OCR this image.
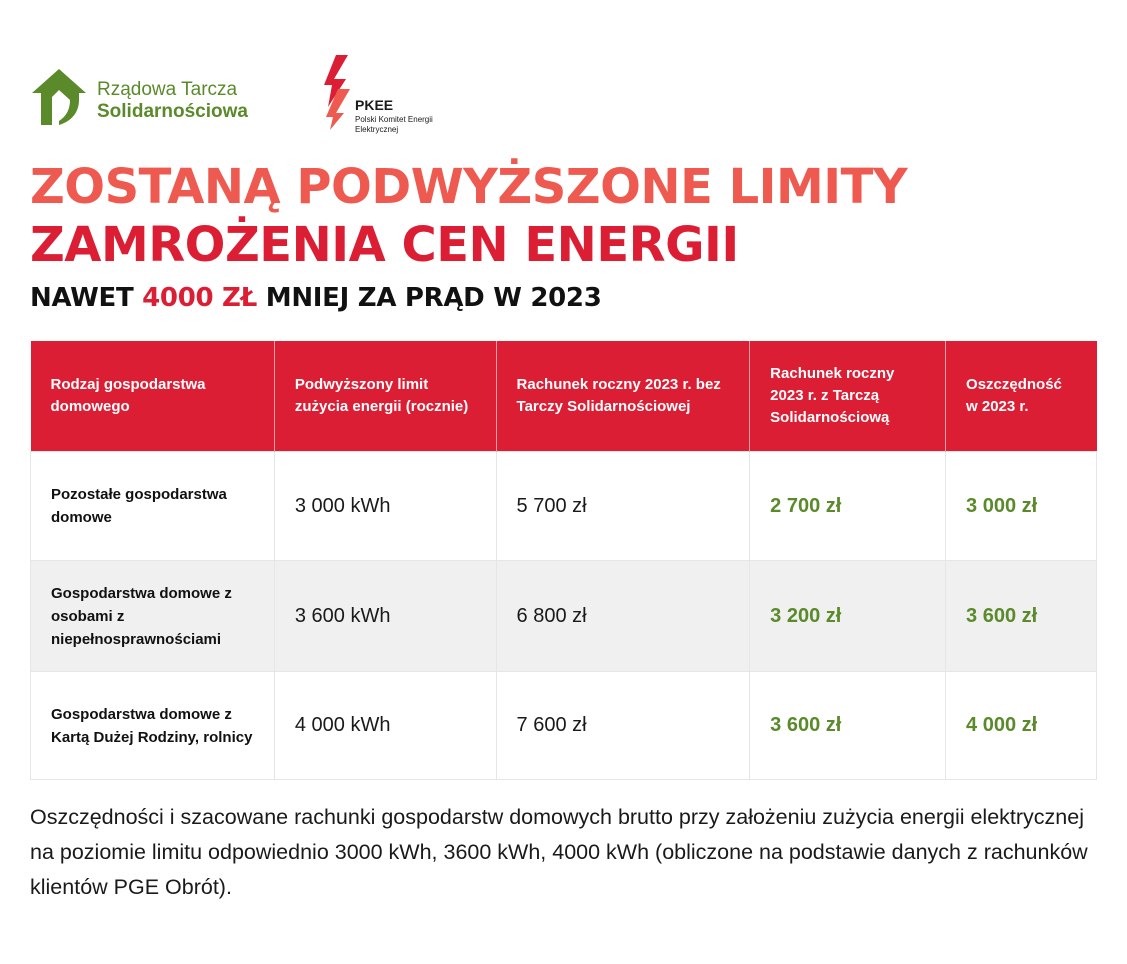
Rządowa Tarcza
Solidarnościowa	PKEE
Polski Komitet Energii Elektrycznej
ZOSTANĄ PODWYŻSZONE LIMITY
ZAMROŻENIA CEN ENERGII
NAWET 4000 ZŁ MNIEJ ZA PRĄD W 2023
Rodzaj gospodarstwa domowego	Podwyższony limit zużycia energii (rocznie)	Rachunek roczny 2023 r. bez Tarczy Solidarnościowej	Rachunek roczny 2023 r. z Tarczą Solidarnościową	Oszczędność w 2023 r.
Pozostałe gospodarstwa domowe	3 000 kWh	5 700 zł	2 700 zł	3 000 zł
Gospodarstwa domowe z osobami z niepełnosprawnościami	3 600 kWh	6 800 zł	3 200 zł	3 600 zł
Gospodarstwa domowe z Kartą Dużej Rodziny, rolnicy	4 000 kWh	7 600 zł	3 600 zł	4 000 zł

Oszczędności i szacowane rachunki gospodarstw domowych brutto przy założeniu zużycia energii elektrycznej na poziomie limitu odpowiednio 3000 kWh, 3600 kWh, 4000 kWh (obliczone na podstawie danych z rachunków klientów PGE Obrót).
